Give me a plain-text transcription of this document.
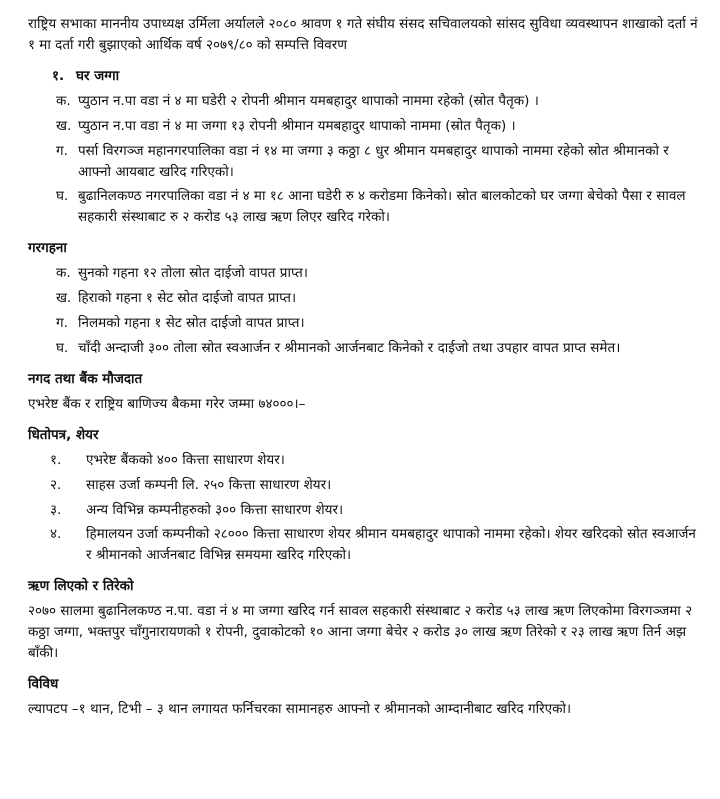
राष्ट्रिय सभाका माननीय उपाध्यक्ष उर्मिला अर्यालले २०८० श्रावण १ गते संघीय संसद सचिवालयको सांसद सुविधा व्यवस्थापन शाखाको दर्ता नं १ मा दर्ता गरी बुझाएको आर्थिक वर्ष २०७९/८० को सम्पत्ति विवरण

१. घर जग्गा
क. प्युठान न.पा वडा नं ४ मा घडेरी २ रोपनी श्रीमान यमबहादुर थापाको नाममा रहेको (स्रोत पैतृक) ।
ख. प्युठान न.पा वडा नं ४ मा जग्गा १३ रोपनी श्रीमान यमबहादुर थापाको नाममा (स्रोत पैतृक) ।
ग. पर्सा विरगञ्ज महानगरपालिका वडा नं १४ मा जग्गा ३ कठ्ठा ८ धुर श्रीमान यमबहादुर थापाको नाममा रहेको स्रोत श्रीमानको र आफ्नो आयबाट खरिद गरिएको।
घ. बुढानिलकण्ठ नगरपालिका वडा नं ४ मा १८ आना घडेरी रु ४ करोडमा किनेको। स्रोत बालकोटको घर जग्गा बेचेको पैसा र सावल सहकारी संस्थाबाट रु २ करोड ५३ लाख ऋण लिएर खरिद गरेको।
गरगहना
क. सुनको गहना १२ तोला स्रोत दाईजो वापत प्राप्त।
ख. हिराको गहना १ सेट स्रोत दाईजो वापत प्राप्त।
ग. निलमको गहना १ सेट स्रोत दाईजो वापत प्राप्त।
घ. चाँदी अन्दाजी ३०० तोला स्रोत स्वआर्जन र श्रीमानको आर्जनबाट किनेको र दाईजो तथा उपहार वापत प्राप्त समेत।
नगद तथा बैंक मौजदात

एभरेष्ट बैंक र राष्ट्रिय बाणिज्य बैकमा गरेर जम्मा ७४०००।–

धितोपत्र, शेयर
१.	एभरेष्ट बैंकको ४०० कित्ता साधारण शेयर।
२.	साहस उर्जा कम्पनी लि. २५० कित्ता साधारण शेयर।
३.	अन्य विभिन्न कम्पनीहरुको ३०० कित्ता साधारण शेयर।
४.	हिमालयन उर्जा कम्पनीको २८००० कित्ता साधारण शेयर श्रीमान यमबहादुर थापाको नाममा रहेको। शेयर खरिदको स्रोत स्वआर्जन र श्रीमानको आर्जनबाट विभिन्न समयमा खरिद गरिएको।
ऋण लिएको र तिरेको

२०७० सालमा बुढानिलकण्ठ न.पा. वडा नं ४ मा जग्गा खरिद गर्न सावल सहकारी संस्थाबाट २ करोड ५३ लाख ऋण लिएकोमा विरगञ्जमा २ कठ्ठा जग्गा, भक्तपुर चाँगुनारायणको १ रोपनी, दुवाकोटको १० आना जग्गा बेचेर २ करोड ३० लाख ऋण तिरेको र २३ लाख ऋण तिर्न अझ बाँकी।

विविध

ल्यापटप –१ थान, टिभी – ३ थान लगायत फर्निचरका सामानहरु आफ्नो र श्रीमानको आम्दानीबाट खरिद गरिएको।
